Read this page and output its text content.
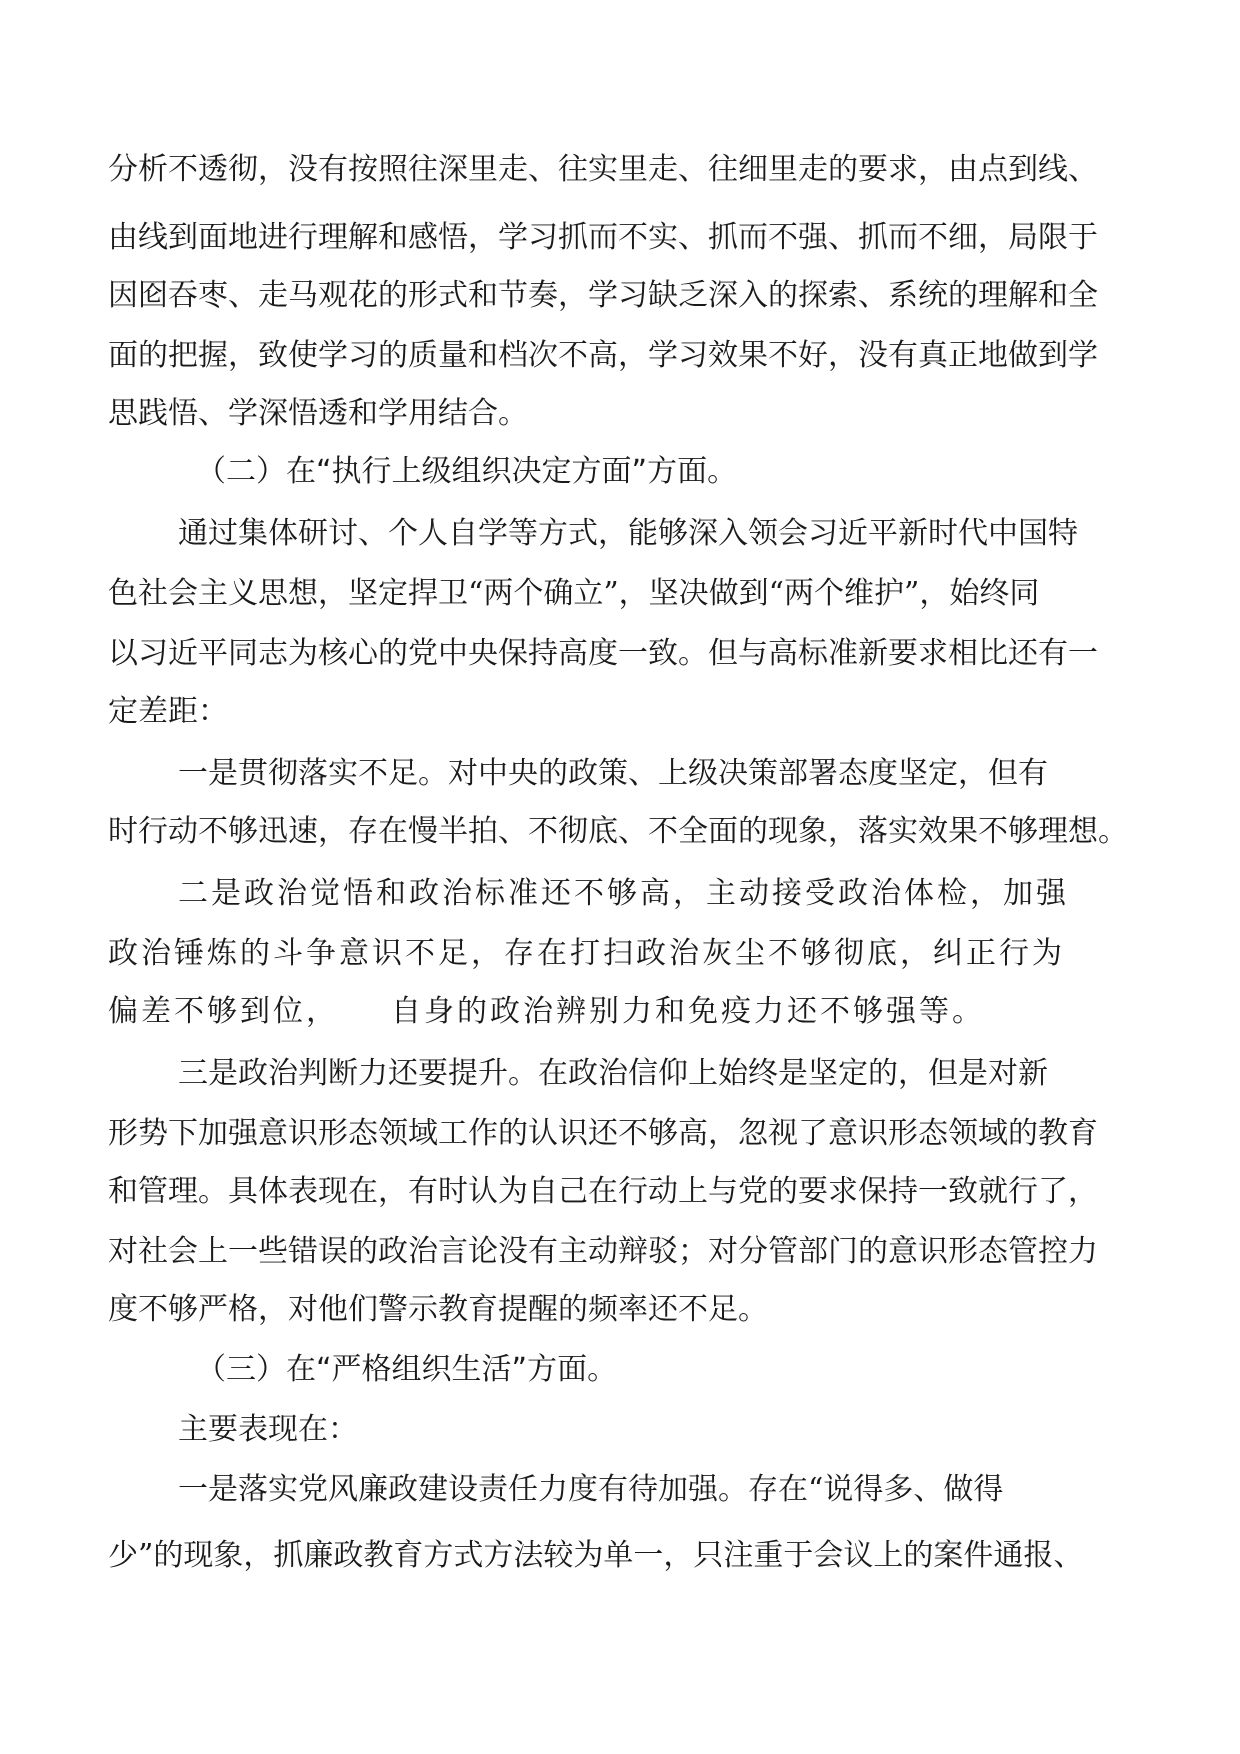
分析不透彻，没有按照往深里走、往实里走、往细里走的要求，由点到线、
由线到面地进行理解和感悟，学习抓而不实、抓而不强、抓而不细，局限于
因囵吞枣、走马观花的形式和节奏，学习缺乏深入的探索、系统的理解和全
面的把握，致使学习的质量和档次不高，学习效果不好，没有真正地做到学
思践悟、学深悟透和学用结合。
（二）在“执行上级组织决定方面”方面。
通过集体研讨、个人自学等方式，能够深入领会习近平新时代中国特
色社会主义思想，坚定捍卫“两个确立”，坚决做到“两个维护”，始终同
以习近平同志为核心的党中央保持高度一致。但与高标准新要求相比还有一
定差距：
一是贯彻落实不足。对中央的政策、上级决策部署态度坚定，但有
时行动不够迅速，存在慢半拍、不彻底、不全面的现象，落实效果不够理想。
二是政治觉悟和政治标准还不够高，主动接受政治体检，加强
政治锤炼的斗争意识不足，存在打扫政治灰尘不够彻底，纠正行为
偏差不够到位， 自身的政治辨别力和免疫力还不够强等。
三是政治判断力还要提升。在政治信仰上始终是坚定的，但是对新
形势下加强意识形态领域工作的认识还不够高，忽视了意识形态领域的教育
和管理。具体表现在，有时认为自己在行动上与党的要求保持一致就行了，
对社会上一些错误的政治言论没有主动辩驳；对分管部门的意识形态管控力
度不够严格，对他们警示教育提醒的频率还不足。
（三）在“严格组织生活”方面。
主要表现在：
一是落实党风廉政建设责任力度有待加强。存在“说得多、做得
少”的现象，抓廉政教育方式方法较为单一，只注重于会议上的案件通报、
